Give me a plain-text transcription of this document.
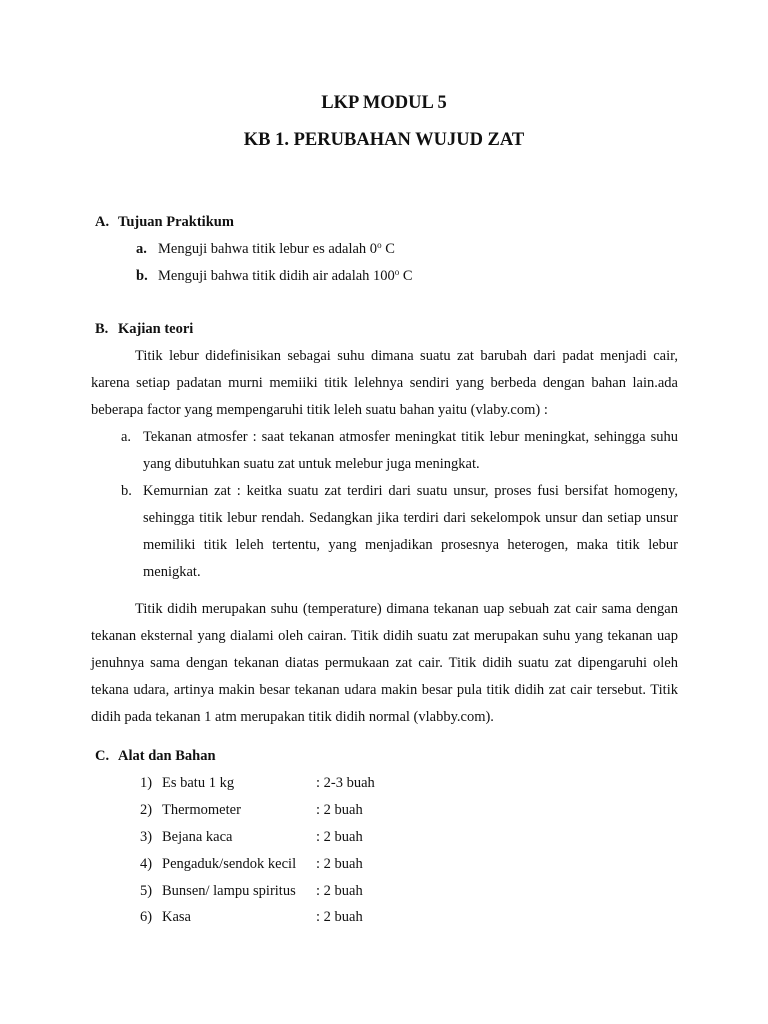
LKP MODUL 5
KB 1. PERUBAHAN WUJUD ZAT
A. Tujuan Praktikum
a. Menguji bahwa titik lebur es adalah 0$^o$ C
b. Menguji bahwa titik didih air adalah 100$^o$ C
B. Kajian teori

Titik lebur didefinisikan sebagai suhu dimana suatu zat barubah dari padat menjadi cair, karena setiap padatan murni memiiki titik lelehnya sendiri yang berbeda dengan bahan lain.ada beberapa factor yang mempengaruhi titik leleh suatu bahan yaitu (vlaby.com) :

a. Tekanan atmosfer : saat tekanan atmosfer meningkat titik lebur meningkat, sehingga suhu yang dibutuhkan suatu zat untuk melebur juga meningkat.
b. Kemurnian zat : keitka suatu zat terdiri dari suatu unsur, proses fusi bersifat homogeny, sehingga titik lebur rendah. Sedangkan jika terdiri dari sekelompok unsur dan setiap unsur memiliki titik leleh tertentu, yang menjadikan prosesnya heterogen, maka titik lebur menigkat.

Titik didih merupakan suhu (temperature) dimana tekanan uap sebuah zat cair sama dengan tekanan eksternal yang dialami oleh cairan. Titik didih suatu zat merupakan suhu yang tekanan uap jenuhnya sama dengan tekanan diatas permukaan zat cair. Titik didih suatu zat dipengaruhi oleh tekana udara, artinya makin besar tekanan udara makin besar pula titik didih zat cair tersebut. Titik didih pada tekanan 1 atm merupakan titik didih normal (vlabby.com).

C. Alat dan Bahan
1) Es batu 1 kg	: 2-3 buah
2) Thermometer	: 2 buah
3) Bejana kaca	: 2 buah
4) Pengaduk/sendok kecil : 2 buah
5) Bunsen/ lampu spiritus : 2 buah
6) Kasa	: 2 buah
